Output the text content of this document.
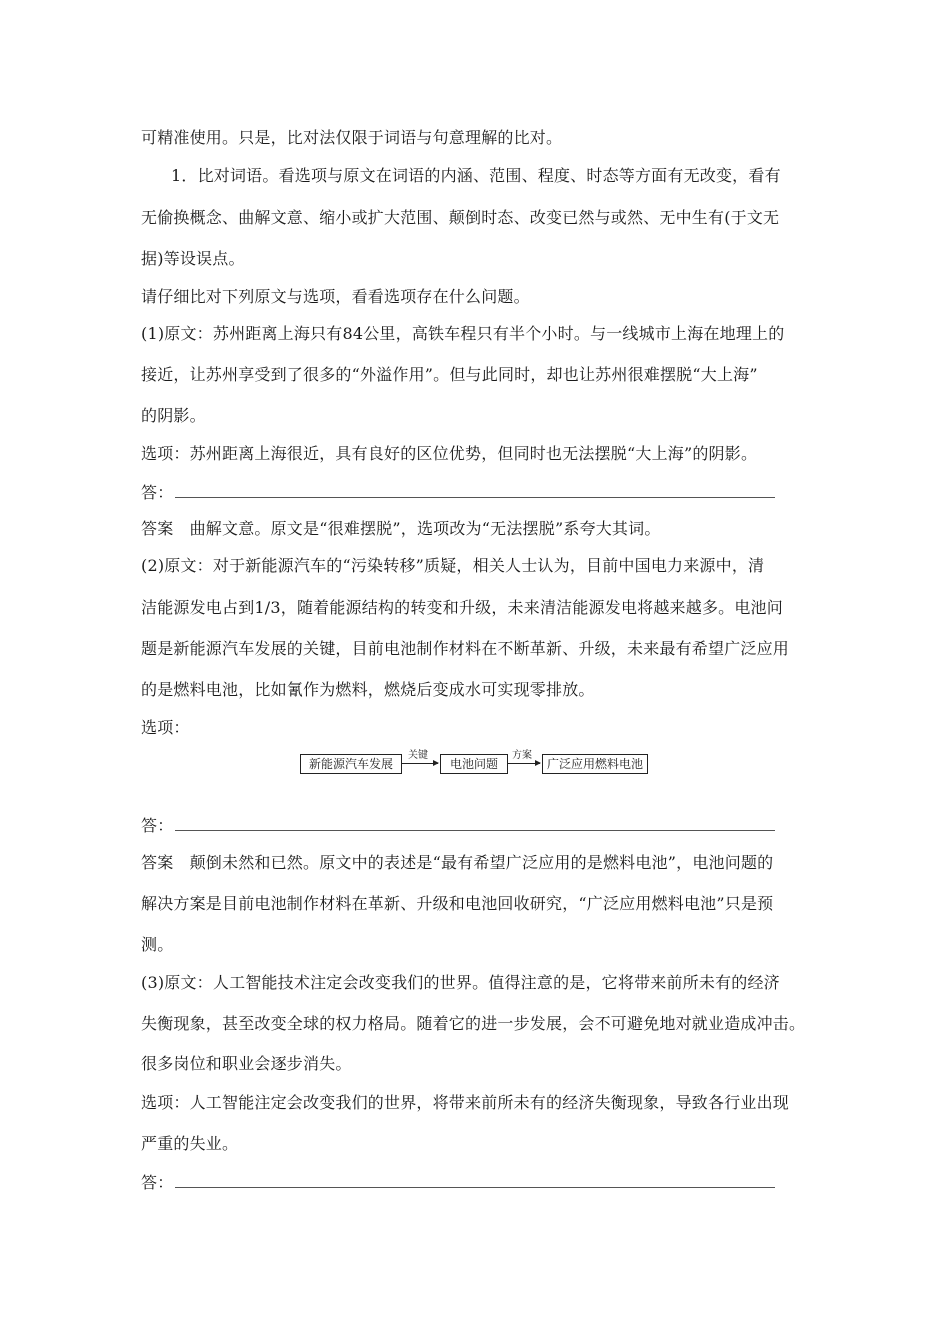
可精准使用。只是，比对法仅限于词语与句意理解的比对。
1．比对词语。看选项与原文在词语的内涵、范围、程度、时态等方面有无改变，看有
无偷换概念、曲解文意、缩小或扩大范围、颠倒时态、改变已然与或然、无中生有(于文无
据)等设误点。
请仔细比对下列原文与选项，看看选项存在什么问题。
(1)原文：苏州距离上海只有84公里，高铁车程只有半个小时。与一线城市上海在地理上的
接近，让苏州享受到了很多的“外溢作用”。但与此同时，却也让苏州很难摆脱“大上海”
的阴影。
选项：苏州距离上海很近，具有良好的区位优势，但同时也无法摆脱“大上海”的阴影。
答：
答案　曲解文意。原文是“很难摆脱”，选项改为“无法摆脱”系夸大其词。
(2)原文：对于新能源汽车的“污染转移”质疑，相关人士认为，目前中国电力来源中，清
洁能源发电占到1/3，随着能源结构的转变和升级，未来清洁能源发电将越来越多。电池问
题是新能源汽车发展的关键，目前电池制作材料在不断革新、升级，未来最有希望广泛应用
的是燃料电池，比如氰作为燃料，燃烧后变成水可实现零排放。
选项：
新能源汽车发展
关键
电池问题
方案
广泛应用燃料电池
答：
答案　颠倒未然和已然。原文中的表述是“最有希望广泛应用的是燃料电池”，电池问题的
解决方案是目前电池制作材料在革新、升级和电池回收研究，“广泛应用燃料电池”只是预
测。
(3)原文：人工智能技术注定会改变我们的世界。值得注意的是，它将带来前所未有的经济
失衡现象，甚至改变全球的权力格局。随着它的进一步发展，会不可避免地对就业造成冲击。
很多岗位和职业会逐步消失。
选项：人工智能注定会改变我们的世界，将带来前所未有的经济失衡现象，导致各行业出现
严重的失业。
答：
